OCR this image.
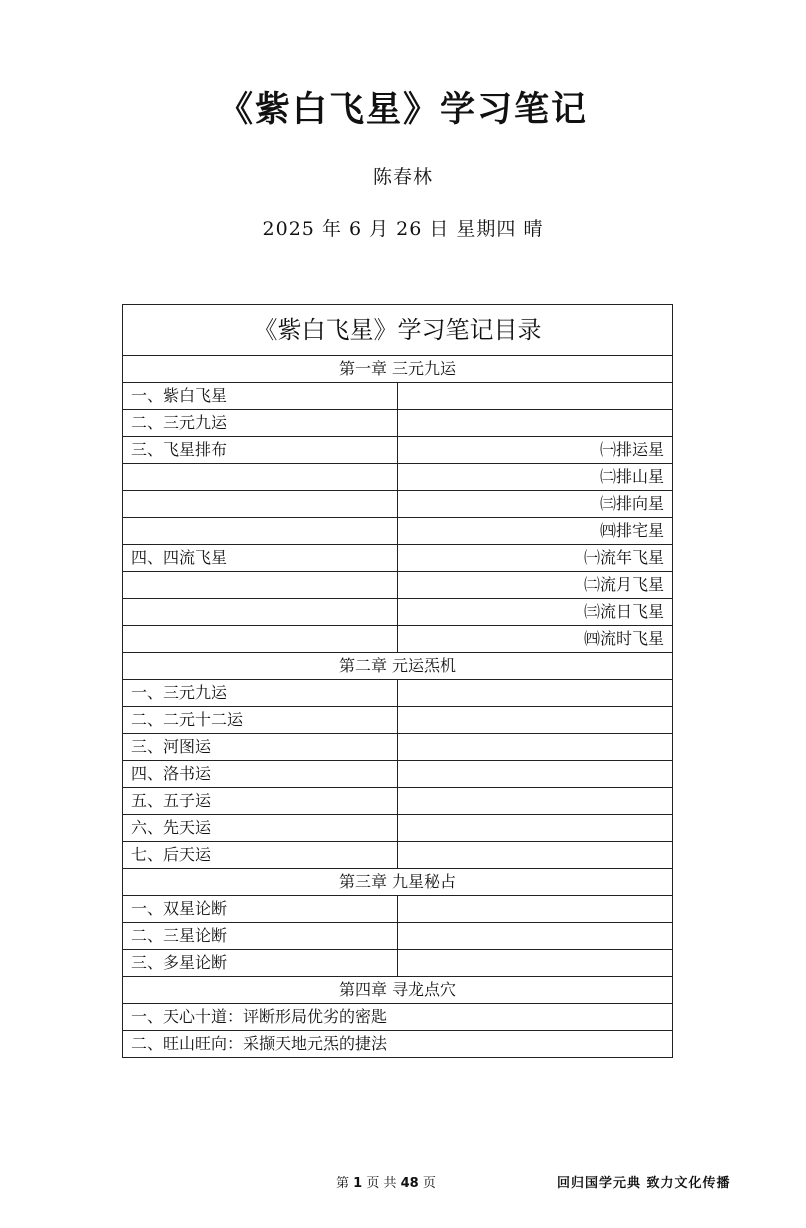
《紫白飞星》学习笔记
陈春林
2025 年 6 月 26 日 星期四 晴
《紫白飞星》学习笔记目录	
第一章 三元九运	
一、紫白飞星	
二、三元九运	
三、飞星排布	㈠排运星
	㈡排山星
	㈢排向星
	㈣排宅星
四、四流飞星	㈠流年飞星
	㈡流月飞星
	㈢流日飞星
	㈣流时飞星
第二章 元运炁机	
一、三元九运	
二、二元十二运	
三、河图运	
四、洛书运	
五、五子运	
六、先天运	
七、后天运	
第三章 九星秘占	
一、双星论断	
二、三星论断	
三、多星论断	
第四章 寻龙点穴	
一、天心十道：评断形局优劣的密匙	
二、旺山旺向：采撷天地元炁的捷法	
第 1 页 共 48 页	回归国学元典 致力文化传播
